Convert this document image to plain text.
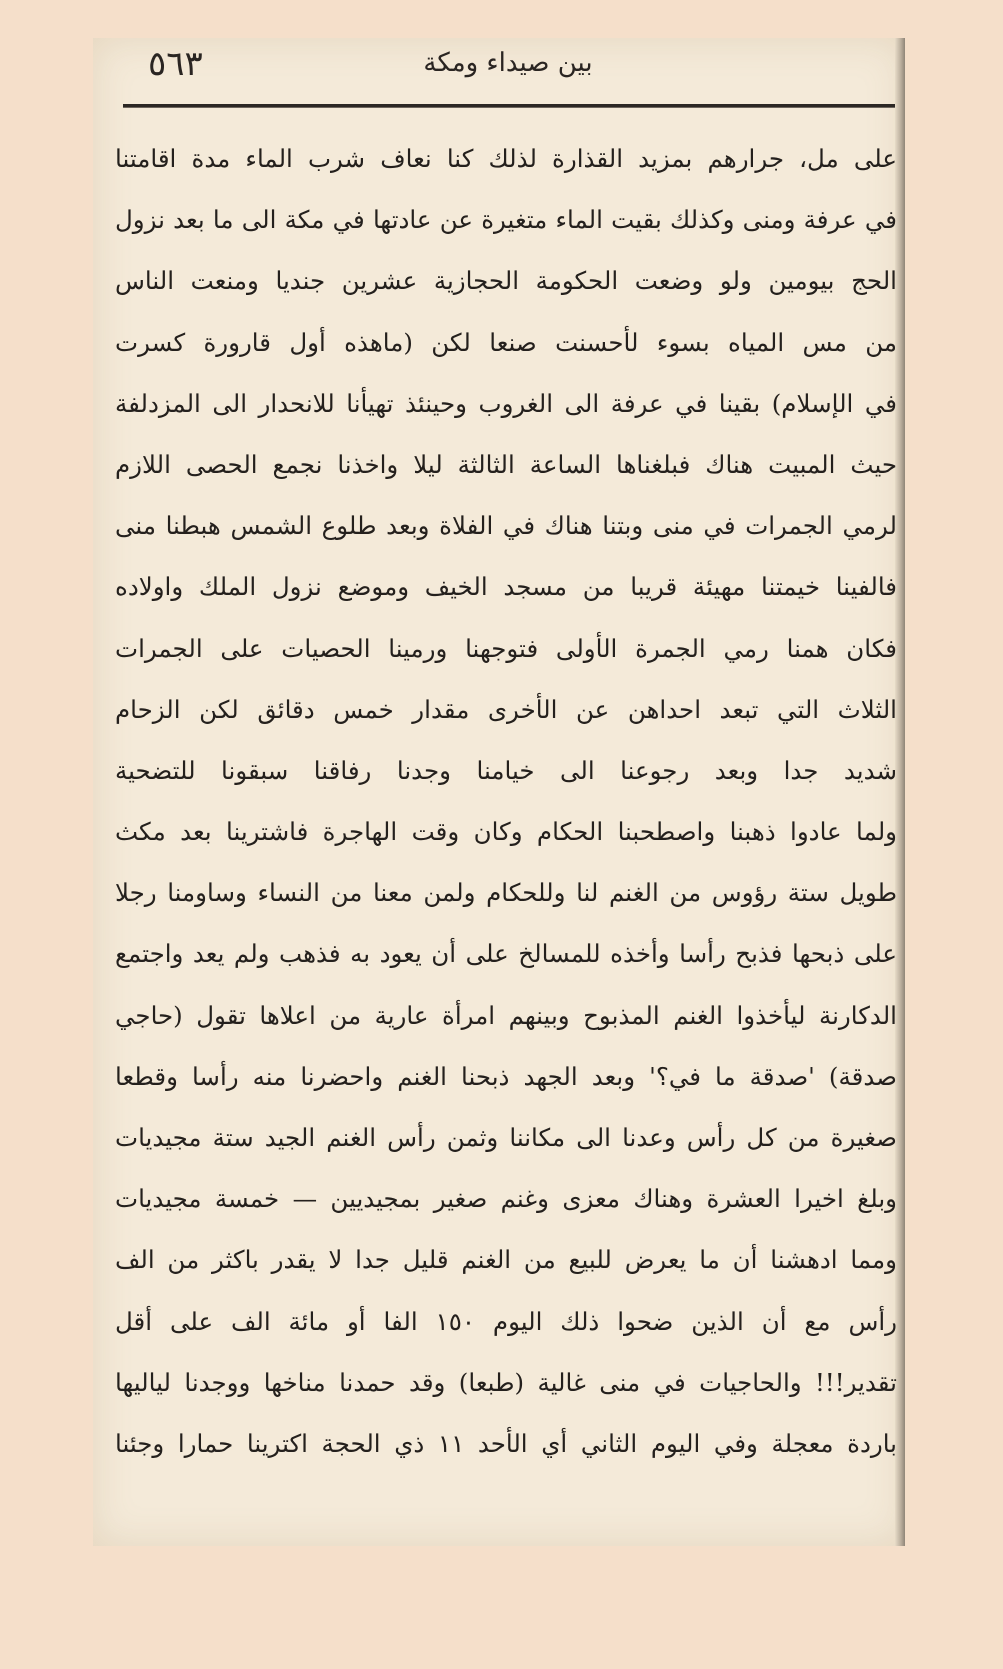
٥٦٣	بين صيداء ومكة
على مل، جرارهم بمزيد القذارة لذلك كنا نعاف شرب الماء مدة اقامتنا
في عرفة ومنى وكذلك بقيت الماء متغيرة عن عادتها في مكة الى ما بعد نزول
الحج بيومين ولو وضعت الحكومة الحجازية عشرين جنديا ومنعت الناس
من مس المياه بسوء لأحسنت صنعا لكن (ماهذه أول قارورة كسرت
في الإسلام) بقينا في عرفة الى الغروب وحينئذ تهيأنا للانحدار الى المزدلفة
حيث المبيت هناك فبلغناها الساعة الثالثة ليلا واخذنا نجمع الحصى اللازم
لرمي الجمرات في منى وبتنا هناك في الفلاة وبعد طلوع الشمس هبطنا منى
فالفينا خيمتنا مهيئة قريبا من مسجد الخيف وموضع نزول الملك واولاده
فكان همنا رمي الجمرة الأولى فتوجهنا ورمينا الحصيات على الجمرات
الثلاث التي تبعد احداهن عن الأخرى مقدار خمس دقائق لكن الزحام
شديد جدا وبعد رجوعنا الى خيامنا وجدنا رفاقنا سبقونا للتضحية
ولما عادوا ذهبنا واصطحبنا الحكام وكان وقت الهاجرة فاشترينا بعد مكث
طويل ستة رؤوس من الغنم لنا وللحكام ولمن معنا من النساء وساومنا رجلا
على ذبحها فذبح رأسا وأخذه للمسالخ على أن يعود به فذهب ولم يعد واجتمع
الدكارنة ليأخذوا الغنم المذبوح وبينهم امرأة عارية من اعلاها تقول (حاجي
صدقة) 'صدقة ما في؟' وبعد الجهد ذبحنا الغنم واحضرنا منه رأسا وقطعا
صغيرة من كل رأس وعدنا الى مكاننا وثمن رأس الغنم الجيد ستة مجيديات
وبلغ اخيرا العشرة وهناك معزى وغنم صغير بمجيديين — خمسة مجيديات
ومما ادهشنا أن ما يعرض للبيع من الغنم قليل جدا لا يقدر باكثر من الف
رأس مع أن الذين ضحوا ذلك اليوم ١٥٠ الفا أو مائة الف على أقل
تقدير!!! والحاجيات في منى غالية (طبعا) وقد حمدنا مناخها ووجدنا لياليها
باردة معجلة وفي اليوم الثاني أي الأحد ١١ ذي الحجة اكترينا حمارا وجئنا
